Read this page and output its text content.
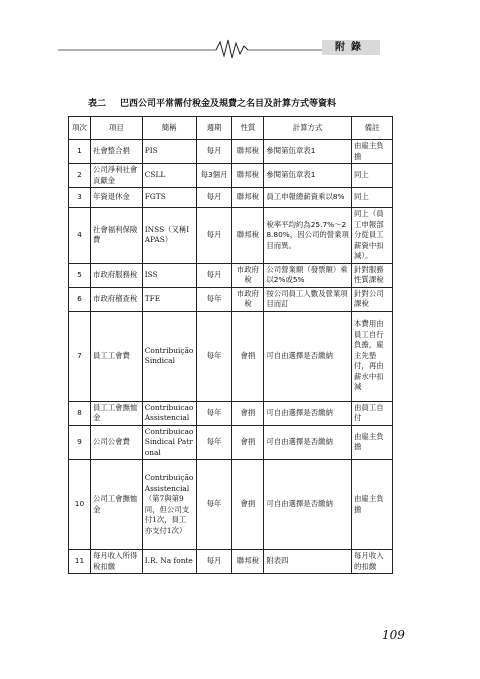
附錄
表二 巴西公司平常需付稅金及規費之名目及計算方式等資料
項次	項目	簡稱	週期	性質	計算方式	備註
1	社會整合捐	PIS	每月	聯邦稅	參閱第伍章表1	由雇主負擔
2	公司淨利社會貢獻金	CSLL	每3個月	聯邦稅	參閱第伍章表1	同上
3	年資退休金	FGTS	每月	聯邦稅	員工申報總薪資乘以8%	同上
4	社會福利保險費	INSS（又稱IAPAS）	每月	聯邦稅	稅率平均約為25.7%～28.80%，因公司的營業項目而異。	同上（員工申報部分從員工薪資中扣減）。
5	市政府服務稅	ISS	每月	市政府稅	公司營業額（發票額）乘以2%或5%	針對服務性質課稅
6	市政府稽查稅	TFE	每年	市政府稅	按公司員工人數及營業項目而訂	針對公司課稅
7	員工工會費	Contribuição Sindical	每年	會捐	可自由選擇是否繳納	本費用由員工自行負擔，雇主先墊付，再由薪水中扣減
8	員工工會撫恤金	Contribuicao Assistencial	每年	會捐	可自由選擇是否繳納	由員工自付
9	公司公會費	Contribuicao Sindical Patronal	每年	會捐	可自由選擇是否繳納	由雇主負擔
10	公司工會撫恤金	Contribuição Assistencial（第7與第9同，但公司支付1次，員工亦支付1次）	每年	會捐	可自由選擇是否繳納	由雇主負擔
11	每月收入所得稅扣繳	I.R. Na fonte	每月	聯邦稅	附表四	每月收入的扣繳
109
